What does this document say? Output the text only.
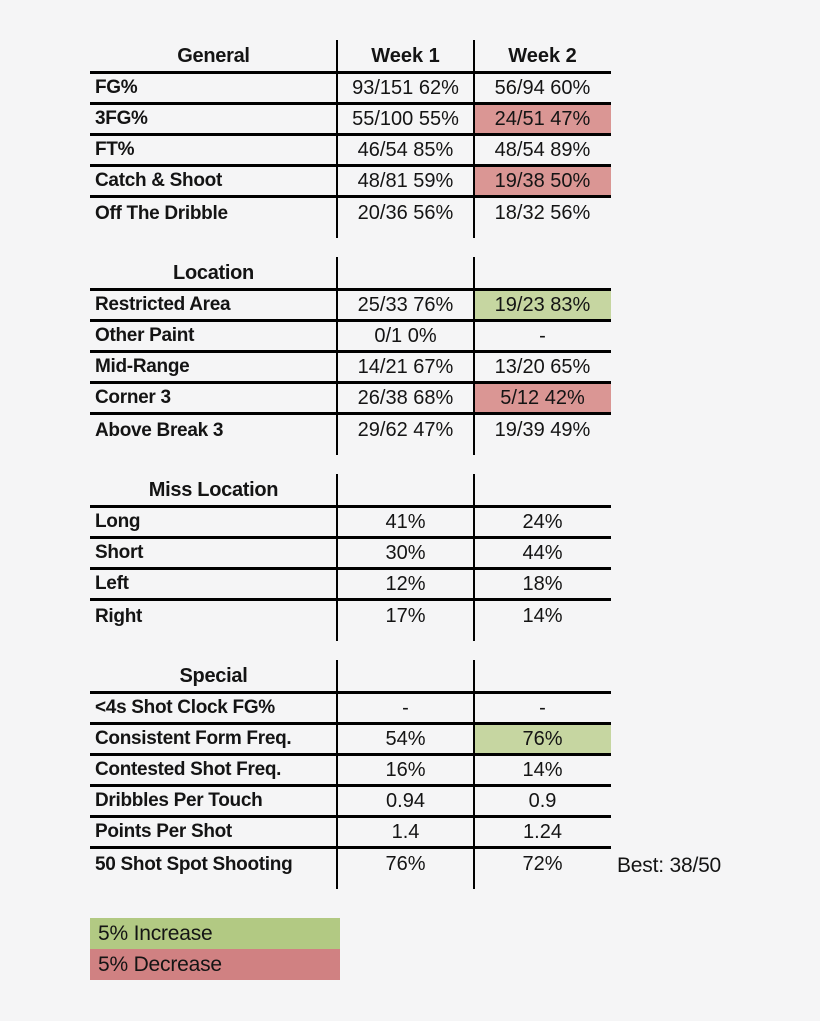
General	Week 1	Week 2
FG%	93/151 62%	56/94 60%
3FG%	55/100 55%	24/51 47%
FT%	46/54 85%	48/54 89%
Catch & Shoot	48/81 59%	19/38 50%
Off The Dribble	20/36 56%	18/32 56%
Location
Restricted Area	25/33 76%	19/23 83%
Other Paint	0/1 0%	-
Mid-Range	14/21 67%	13/20 65%
Corner 3	26/38 68%	5/12 42%
Above Break 3	29/62 47%	19/39 49%
Miss Location
Long	41%	24%
Short	30%	44%
Left	12%	18%
Right	17%	14%
Special
<4s Shot Clock FG%	-	-
Consistent Form Freq.	54%	76%
Contested Shot Freq.	16%	14%
Dribbles Per Touch	0.94	0.9
Points Per Shot	1.4	1.24
50 Shot Spot Shooting	76%	72%	Best: 38/50
5% Increase
5% Decrease
